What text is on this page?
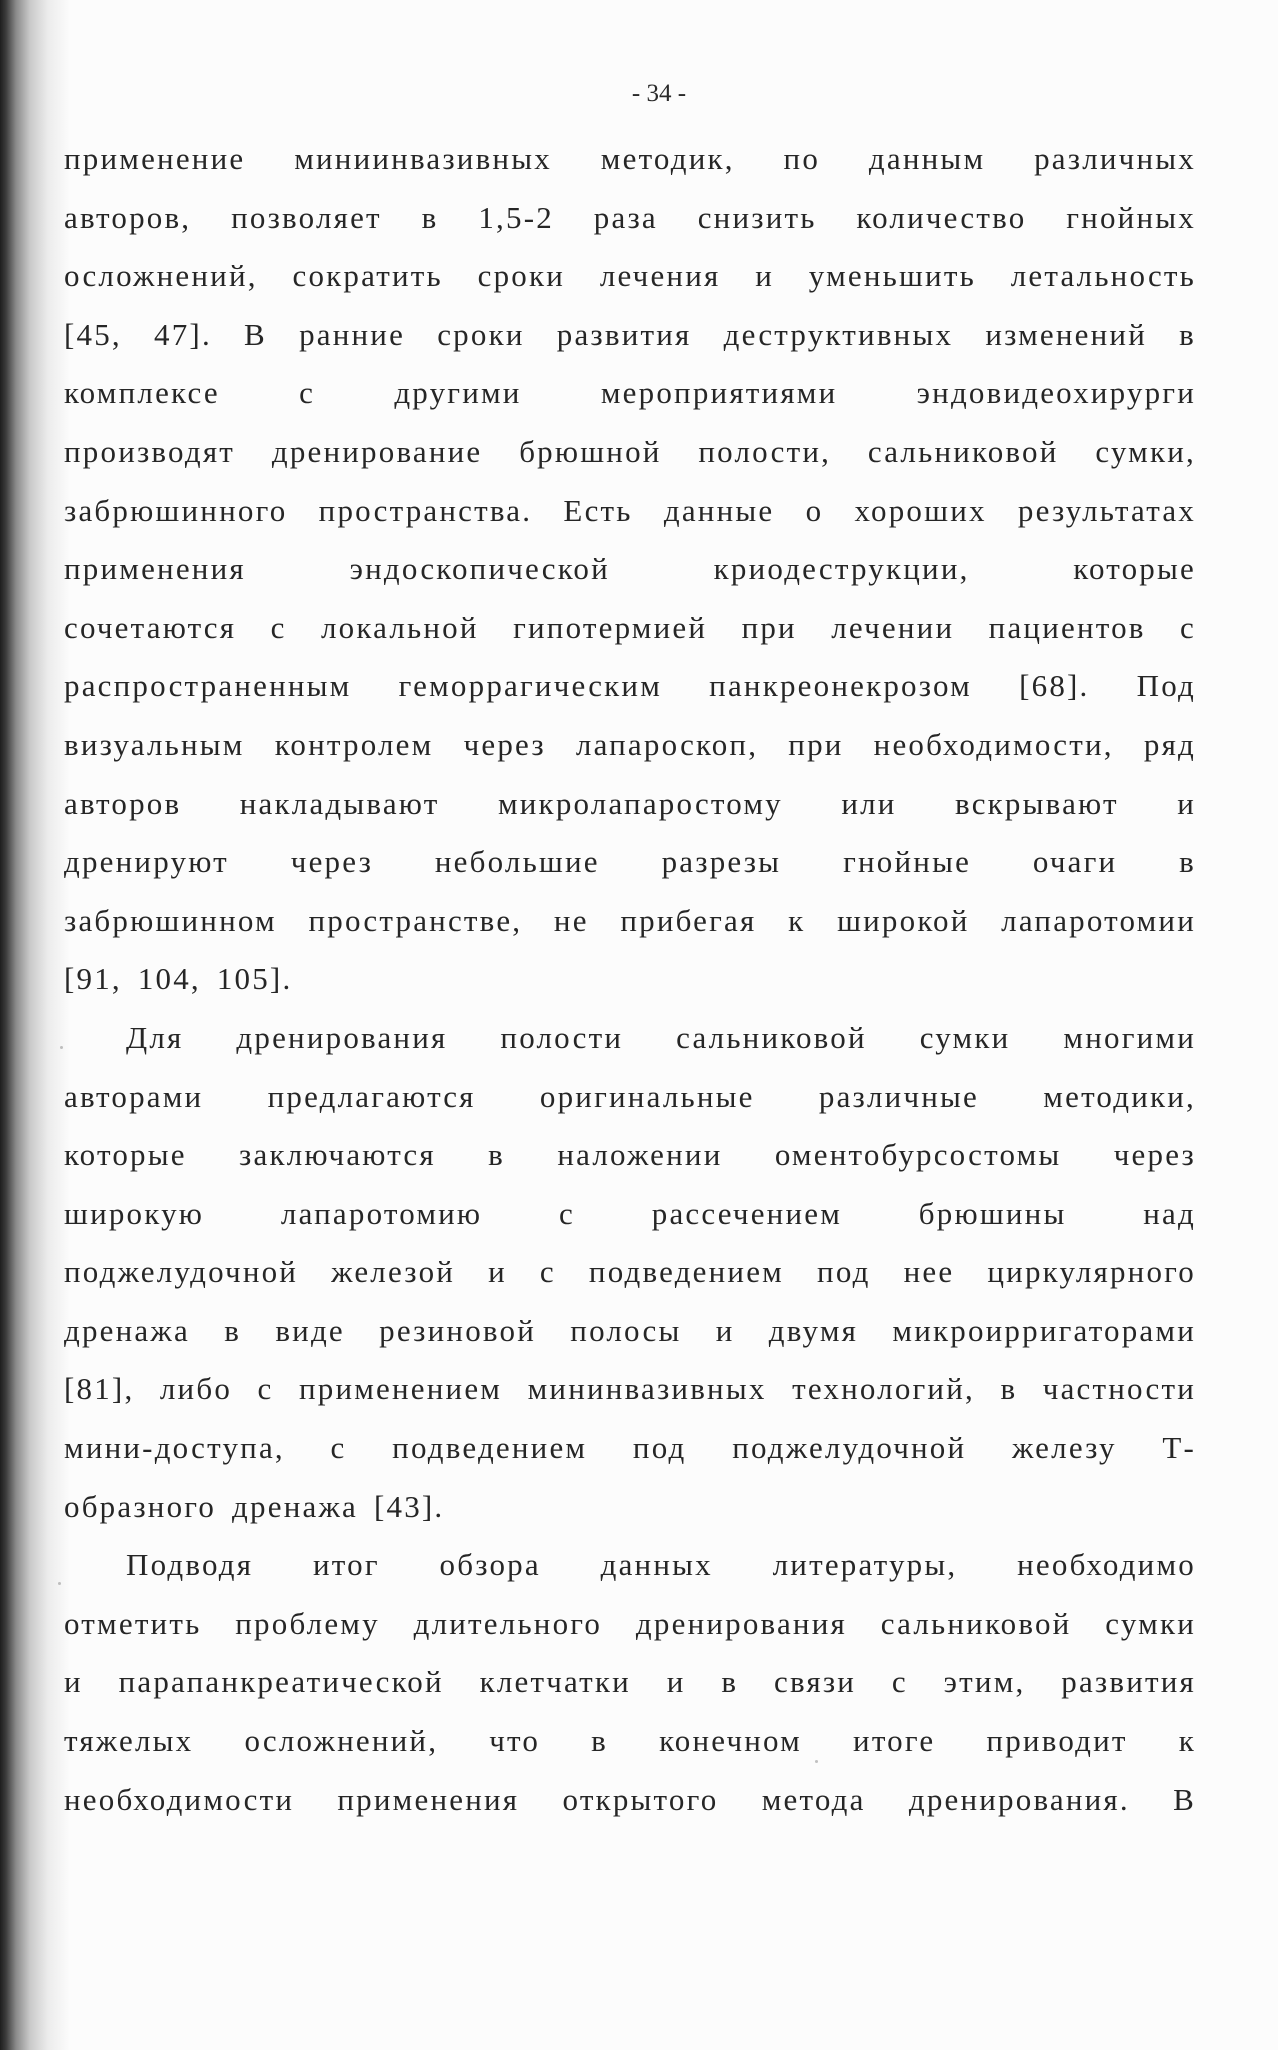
- 34 -
применение миниинвазивных методик, по данным различных
авторов, позволяет в 1,5-2 раза снизить количество гнойных
осложнений, сократить сроки лечения и уменьшить летальность
[45, 47]. В ранние сроки развития деструктивных изменений в
комплексе с другими мероприятиями эндовидеохирурги
производят дренирование брюшной полости, сальниковой сумки,
забрюшинного пространства. Есть данные о хороших результатах
применения эндоскопической криодеструкции, которые
сочетаются с локальной гипотермией при лечении пациентов с
распространенным геморрагическим панкреонекрозом [68]. Под
визуальным контролем через лапароскоп, при необходимости, ряд
авторов накладывают микролапаростому или вскрывают и
дренируют через небольшие разрезы гнойные очаги в
забрюшинном пространстве, не прибегая к широкой лапаротомии
[91, 104, 105].
Для дренирования полости сальниковой сумки многими
авторами предлагаются оригинальные различные методики,
которые заключаются в наложении оментобурсостомы через
широкую лапаротомию с рассечением брюшины над
поджелудочной железой и с подведением под нее циркулярного
дренажа в виде резиновой полосы и двумя микроирригаторами
[81], либо с применением мининвазивных технологий, в частности
мини-доступа, с подведением под поджелудочной железу Т-
образного дренажа [43].
Подводя итог обзора данных литературы, необходимо
отметить проблему длительного дренирования сальниковой сумки
и парапанкреатической клетчатки и в связи с этим, развития
тяжелых осложнений, что в конечном итоге приводит к
необходимости применения открытого метода дренирования. В
